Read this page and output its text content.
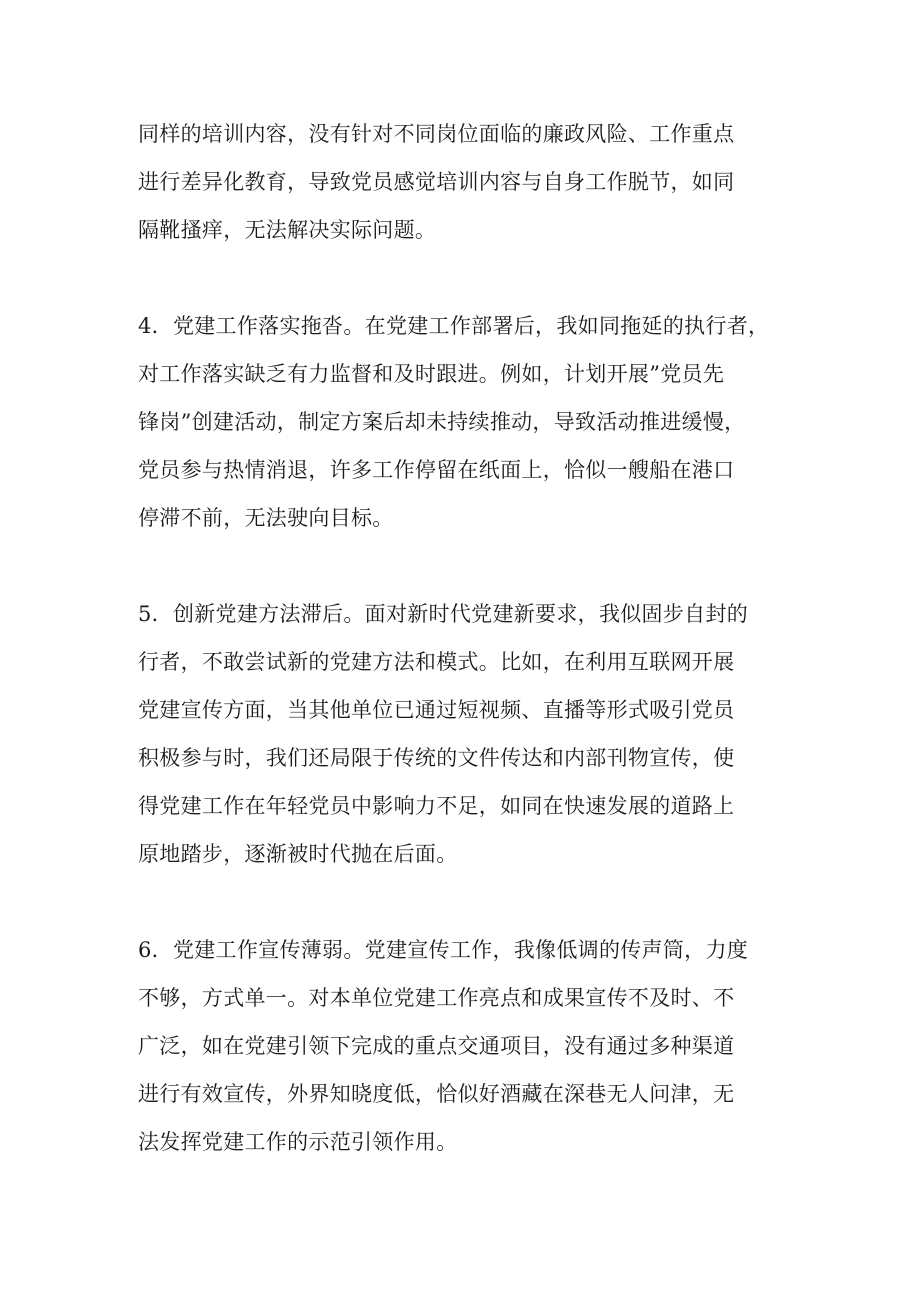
同样的培训内容，没有针对不同岗位面临的廉政风险、工作重点
进行差异化教育，导致党员感觉培训内容与自身工作脱节，如同
隔靴搔痒，无法解决实际问题。
4．党建工作落实拖沓。在党建工作部署后，我如同拖延的执行者，
对工作落实缺乏有力监督和及时跟进。例如，计划开展”党员先
锋岗”创建活动，制定方案后却未持续推动，导致活动推进缓慢，
党员参与热情消退，许多工作停留在纸面上，恰似一艘船在港口
停滞不前，无法驶向目标。
5．创新党建方法滞后。面对新时代党建新要求，我似固步自封的
行者，不敢尝试新的党建方法和模式。比如，在利用互联网开展
党建宣传方面，当其他单位已通过短视频、直播等形式吸引党员
积极参与时，我们还局限于传统的文件传达和内部刊物宣传，使
得党建工作在年轻党员中影响力不足，如同在快速发展的道路上
原地踏步，逐渐被时代抛在后面。
6．党建工作宣传薄弱。党建宣传工作，我像低调的传声筒，力度
不够，方式单一。对本单位党建工作亮点和成果宣传不及时、不
广泛，如在党建引领下完成的重点交通项目，没有通过多种渠道
进行有效宣传，外界知晓度低，恰似好酒藏在深巷无人问津，无
法发挥党建工作的示范引领作用。
